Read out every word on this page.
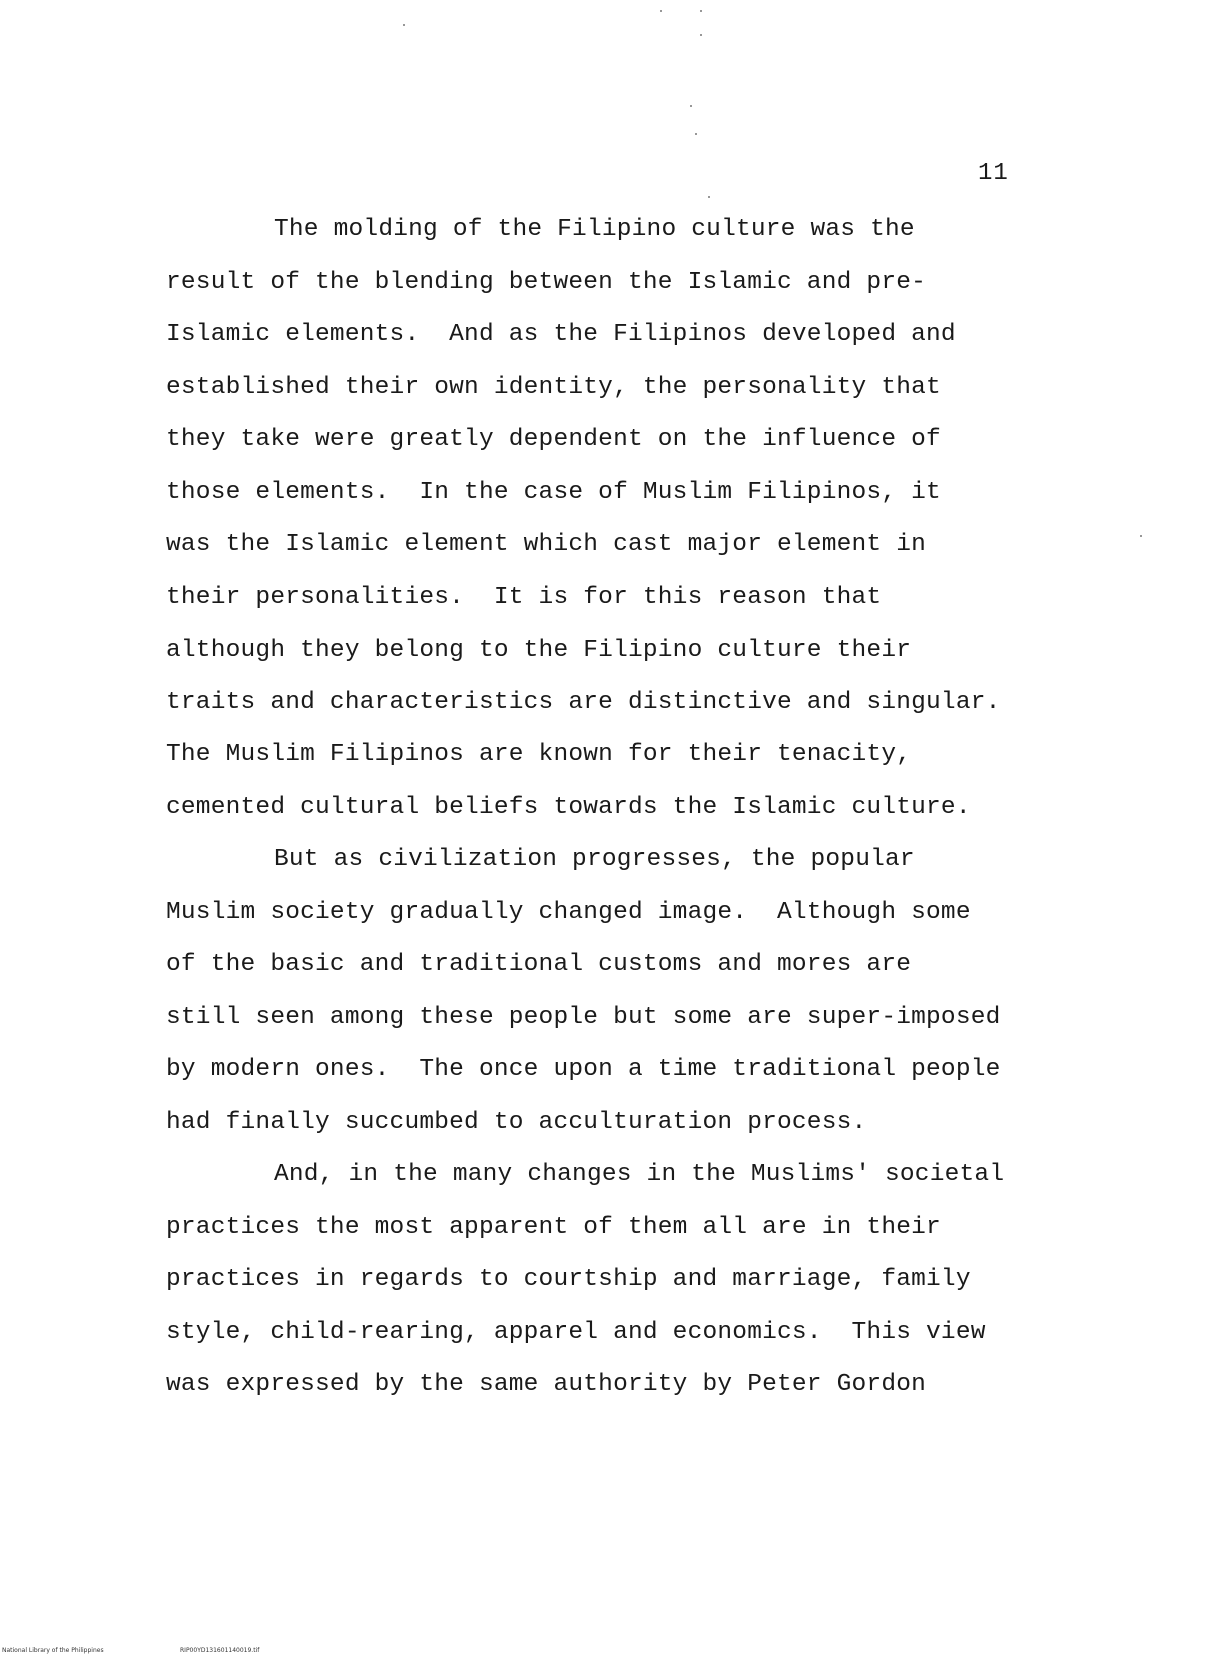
11
The molding of the Filipino culture was the
result of the blending between the Islamic and pre-
Islamic elements.  And as the Filipinos developed and
established their own identity, the personality that
they take were greatly dependent on the influence of
those elements.  In the case of Muslim Filipinos, it
was the Islamic element which cast major element in
their personalities.  It is for this reason that
although they belong to the Filipino culture their
traits and characteristics are distinctive and singular.
The Muslim Filipinos are known for their tenacity,
cemented cultural beliefs towards the Islamic culture.
But as civilization progresses, the popular
Muslim society gradually changed image.  Although some
of the basic and traditional customs and mores are
still seen among these people but some are super-imposed
by modern ones.  The once upon a time traditional people
had finally succumbed to acculturation process.
And, in the many changes in the Muslims' societal
practices the most apparent of them all are in their
practices in regards to courtship and marriage, family
style, child-rearing, apparel and economics.  This view
was expressed by the same authority by Peter Gordon
National Library of the Philippines	RIP00YD131601140019.tif
